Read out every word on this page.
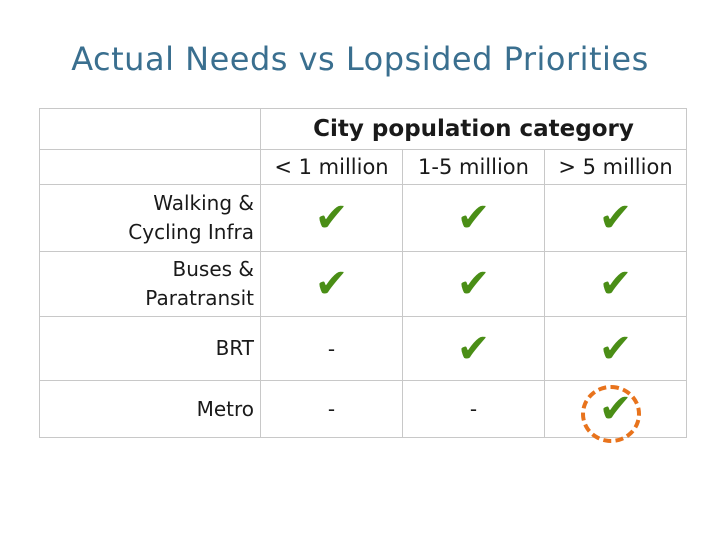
Actual Needs vs Lopsided Priorities
	City population category		
	< 1 million	1-5 million	> 5 million

Walking &
Cycling Infra	✔	✔	✔

Buses &
Paratransit	✔	✔	✔

BRT	-	✔	✔

Metro	-	-	✔
